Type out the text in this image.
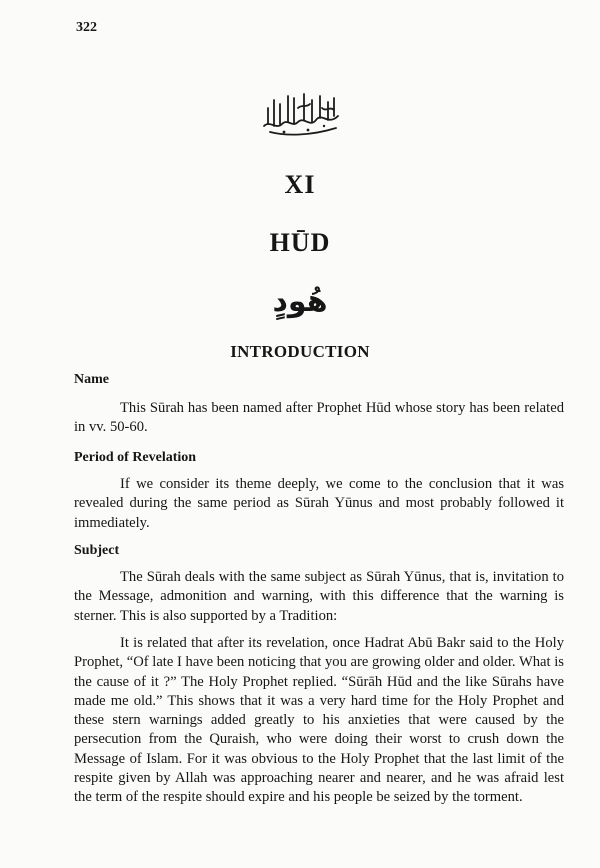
322
XI
HŪD
هُودٍ
INTRODUCTION
Name

This Sūrah has been named after Prophet Hūd whose story has been related in vv. 50-60.

Period of Revelation

If we consider its theme deeply, we come to the conclusion that it was revealed during the same period as Sūrah Yūnus and most probably followed it immediately.

Subject

The Sūrah deals with the same subject as Sūrah Yūnus, that is, invitation to the Message, admonition and warning, with this difference that the warning is sterner. This is also supported by a Tradition:

It is related that after its revelation, once Hadrat Abū Bakr said to the Holy Prophet, “Of late I have been noticing that you are growing older and older. What is the cause of it ?” The Holy Prophet replied. “Sūrāh Hūd and the like Sūrahs have made me old.” This shows that it was a very hard time for the Holy Prophet and these stern warnings added greatly to his anxieties that were caused by the persecution from the Quraish, who were doing their worst to crush down the Message of Islam. For it was obvious to the Holy Prophet that the last limit of the respite given by Allah was approaching nearer and nearer, and he was afraid lest the term of the respite should expire and his people be seized by the torment.
